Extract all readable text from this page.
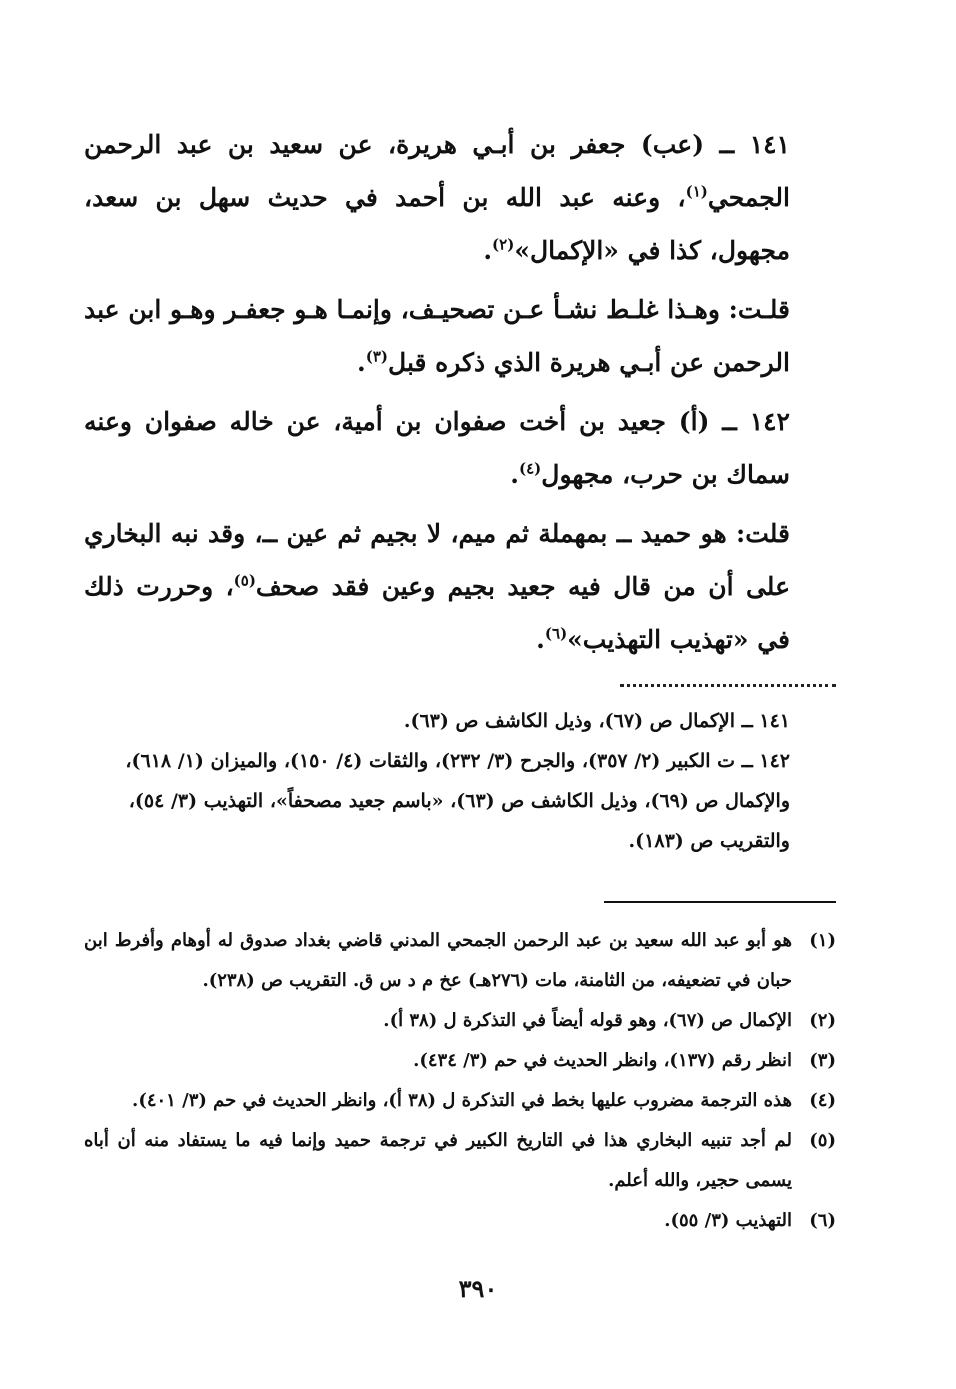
١٤١ ــ (عب) جعفر بن أبـي هريرة، عن سعيد بن عبد الرحمن الجمحي$^{(١)}$، وعنه عبد الله بن أحمد في حديث سهل بن سعد، مجهول، كذا في «الإكمال»$^{(٢)}$.

قلـت: وهـذا غلـط نشـأ عـن تصحيـف، وإنمـا هـو جعفـر وهـو ابن عبد الرحمن عن أبـي هريرة الذي ذكره قبل$^{(٣)}$.

١٤٢ ــ (أ) جعيد بن أخت صفوان بن أمية، عن خاله صفوان وعنه سماك بن حرب، مجهول$^{(٤)}$.

قلت: هو حميد ــ بمهملة ثم ميم، لا بجيم ثم عين ــ، وقد نبه البخاري على أن من قال فيه جعيد بجيم وعين فقد صحف$^{(٥)}$، وحررت ذلك في «تهذيب التهذيب»$^{(٦)}$.

١٤١ ــ الإكمال ص (٦٧)، وذيل الكاشف ص (٦٣).

١٤٢ ــ ت الكبير (٢/ ٣٥٧)، والجرح (٣/ ٢٣٢)، والثقات (٤/ ١٥٠)، والميزان (١/ ٦١٨)، والإكمال ص (٦٩)، وذيل الكاشف ص (٦٣)، «باسم جعيد مصحفاً»، التهذيب (٣/ ٥٤)، والتقريب ص (١٨٣).

(١)
هو أبو عبد الله سعيد بن عبد الرحمن الجمحي المدني قاضي بغداد صدوق له أوهام وأفرط ابن حبان في تضعيفه، من الثامنة، مات (٢٧٦هـ) عخ م د س ق. التقريب ص (٢٣٨).
(٢)
الإكمال ص (٦٧)، وهو قوله أيضاً في التذكرة ل (٣٨ أ).
(٣)
انظر رقم (١٣٧)، وانظر الحديث في حم (٣/ ٤٣٤).
(٤)
هذه الترجمة مضروب عليها بخط في التذكرة ل (٣٨ أ)، وانظر الحديث في حم (٣/ ٤٠١).
(٥)
لم أجد تنبيه البخاري هذا في التاريخ الكبير في ترجمة حميد وإنما فيه ما يستفاد منه أن أباه يسمى حجير، والله أعلم.
(٦)
التهذيب (٣/ ٥٥).
٣٩٠
